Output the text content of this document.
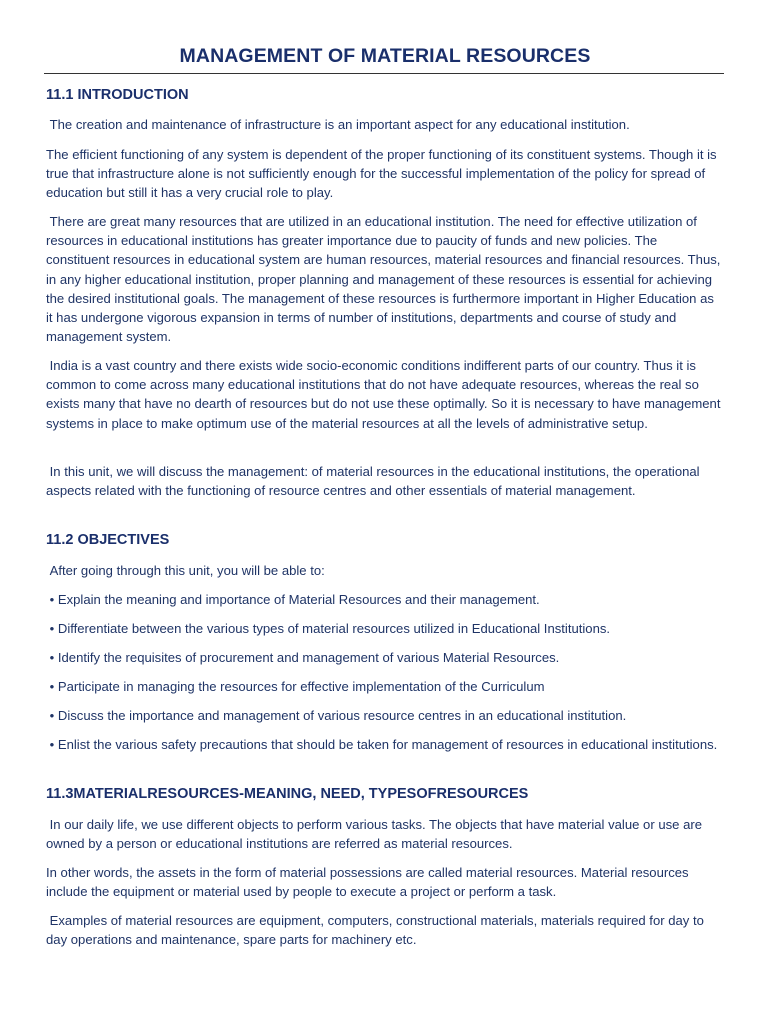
MANAGEMENT OF MATERIAL RESOURCES
11.1 INTRODUCTION

The creation and maintenance of infrastructure is an important aspect for any educational institution.

The efficient functioning of any system is dependent of the proper functioning of its constituent systems. Though it is true that infrastructure alone is not sufficiently enough for the successful implementation of the policy for spread of education but still it has a very crucial role to play.

There are great many resources that are utilized in an educational institution. The need for effective utilization of resources in educational institutions has greater importance due to paucity of funds and new policies. The constituent resources in educational system are human resources, material resources and financial resources. Thus, in any higher educational institution, proper planning and management of these resources is essential for achieving the desired institutional goals. The management of these resources is furthermore important in Higher Education as it has undergone vigorous expansion in terms of number of institutions, departments and course of study and management system.

India is a vast country and there exists wide socio-economic conditions indifferent parts of our country. Thus it is common to come across many educational institutions that do not have adequate resources, whereas the real so exists many that have no dearth of resources but do not use these optimally. So it is necessary to have management systems in place to make optimum use of the material resources at all the levels of administrative setup.

In this unit, we will discuss the management: of material resources in the educational institutions, the operational aspects related with the functioning of resource centres and other essentials of material management.

11.2 OBJECTIVES

After going through this unit, you will be able to:

• Explain the meaning and importance of Material Resources and their management.

• Differentiate between the various types of material resources utilized in Educational Institutions.

• Identify the requisites of procurement and management of various Material Resources.

• Participate in managing the resources for effective implementation of the Curriculum

• Discuss the importance and management of various resource centres in an educational institution.

• Enlist the various safety precautions that should be taken for management of resources in educational institutions.

11.3MATERIALRESOURCES-MEANING, NEED, TYPESOFRESOURCES

In our daily life, we use different objects to perform various tasks. The objects that have material value or use are owned by a person or educational institutions are referred as material resources.

In other words, the assets in the form of material possessions are called material resources. Material resources include the equipment or material used by people to execute a project or perform a task.

Examples of material resources are equipment, computers, constructional materials, materials required for day to day operations and maintenance, spare parts for machinery etc.
